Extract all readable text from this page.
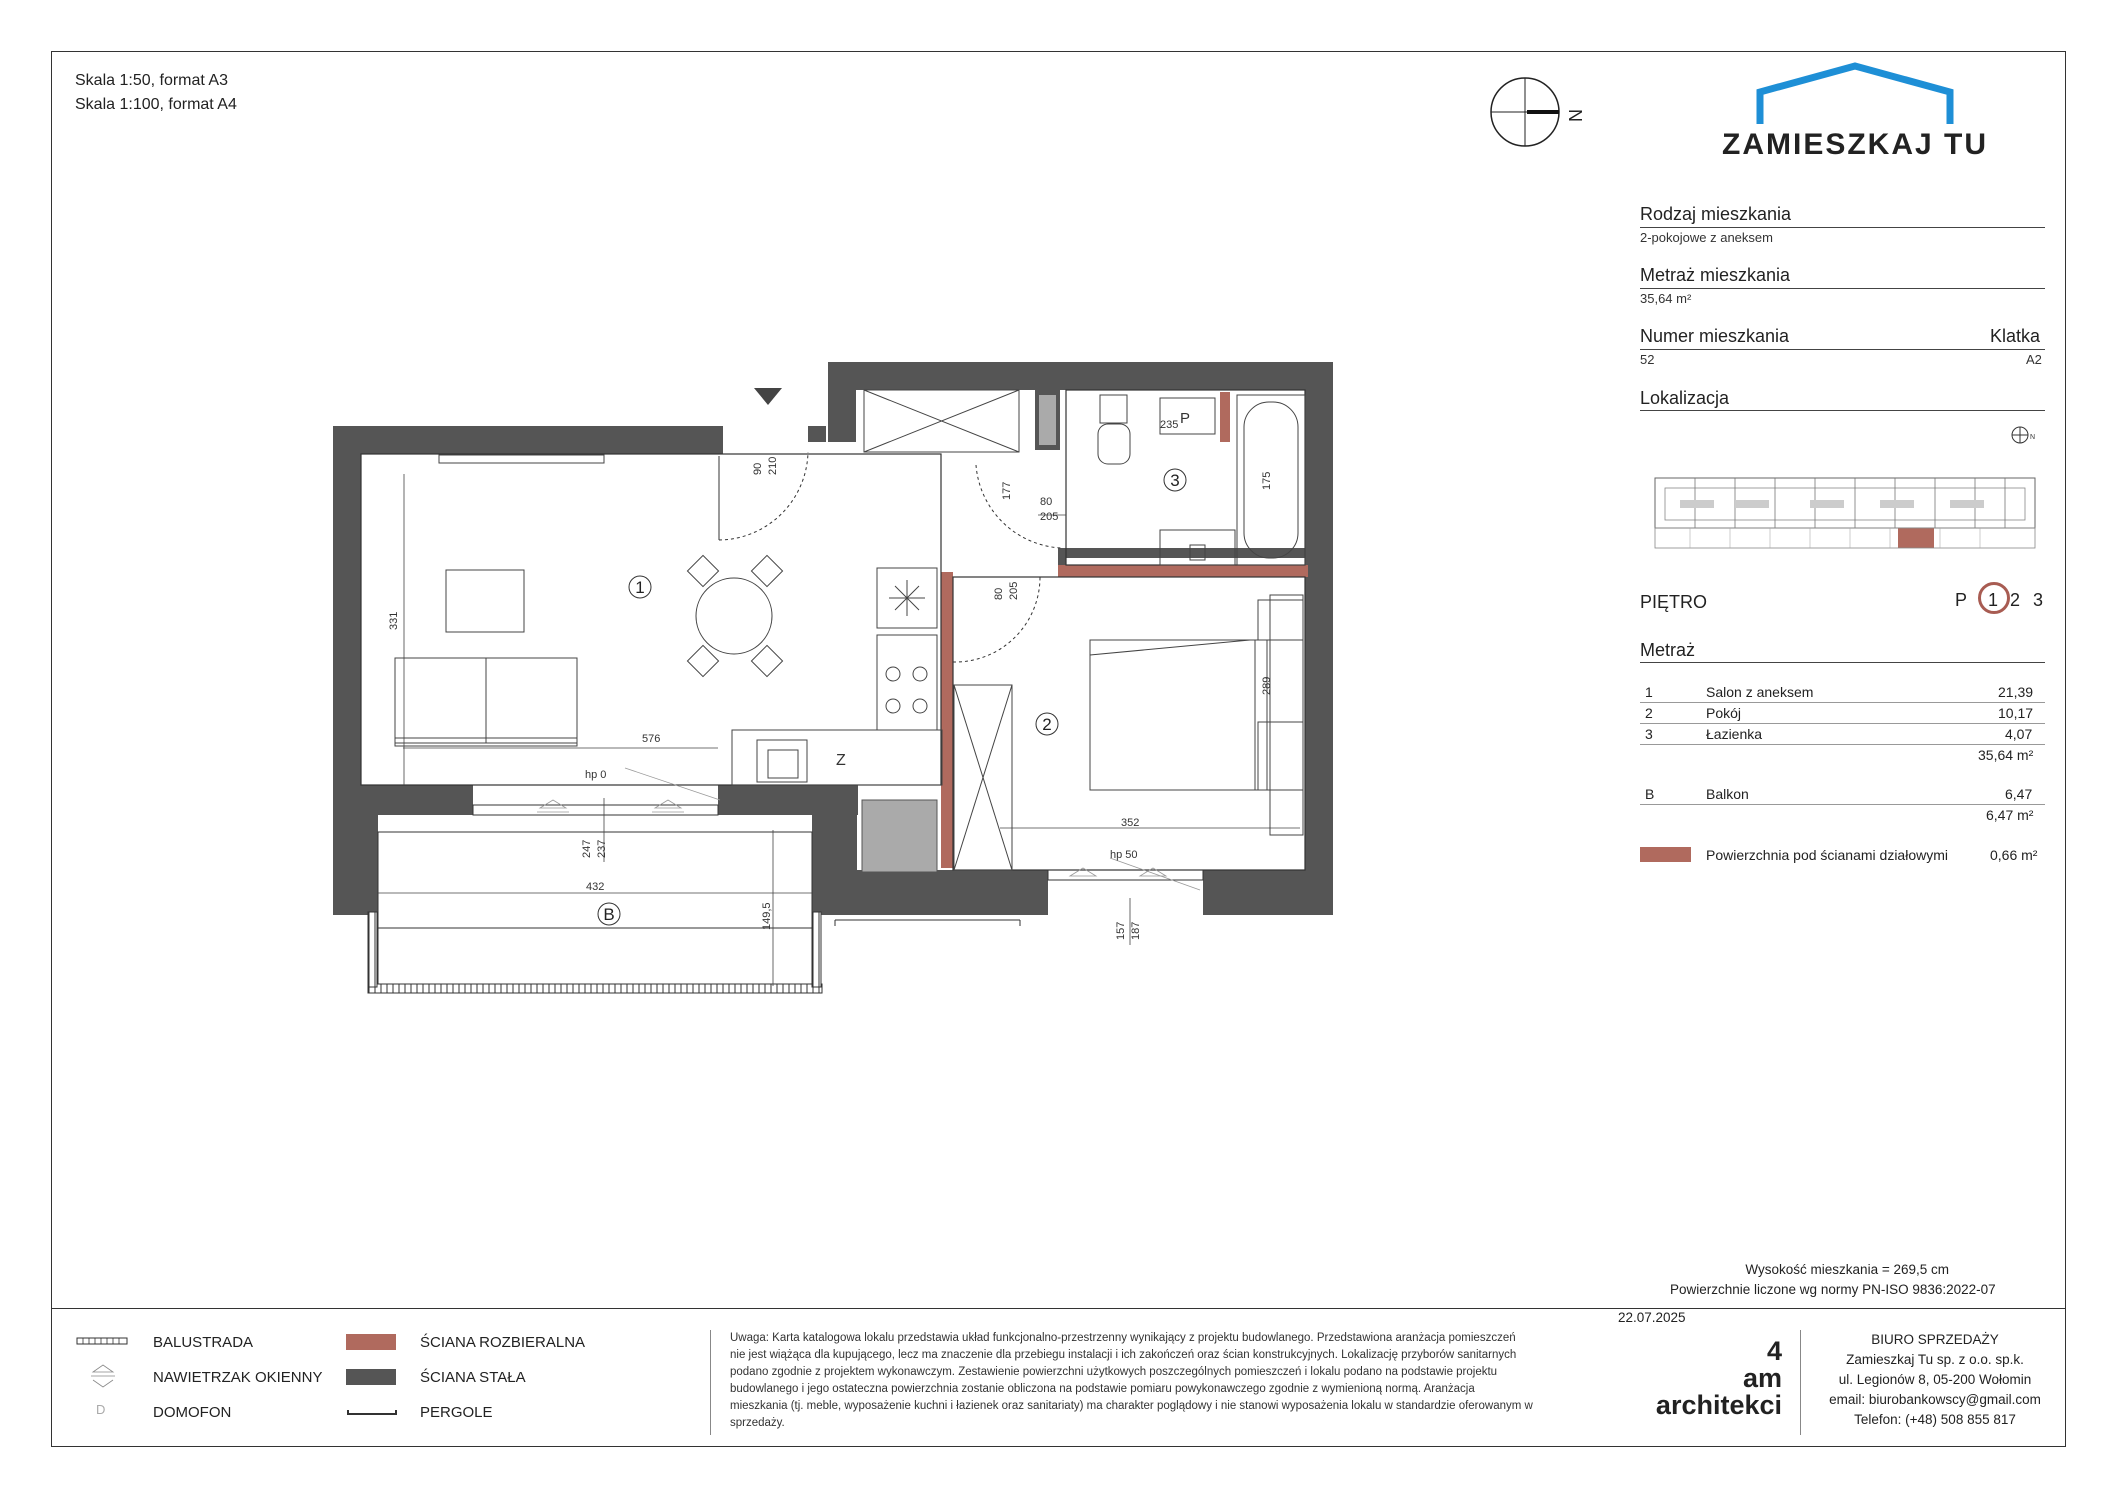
Skala 1:50, format A3
Skala 1:100, format A4
N
ZAMIESZKAJ TU
Rodzaj mieszkania
2-pokojowe z aneksem
Metraż mieszkania
35,64 m²
Numer mieszkania	Klatka
52	A2
Lokalizacja
N
PIĘTRO	P 1 2 3
Metraż
1	Salon z aneksem	21,39
2	Pokój	10,17
3	Łazienka	4,07
35,64 m²
B	Balkon	6,47
6,47 m²
Powierzchnia pod ścianami działowymi	0,66 m²
Wysokość mieszkania = 269,5 cm
Powierzchnie liczone wg normy PN-ISO 9836:2022-07
22.07.2025
BALUSTRADA
NAWIETRZAK OKIENNY
D	DOMOFON
ŚCIANA ROZBIERALNA
ŚCIANA STAŁA
PERGOLE
Uwaga: Karta katalogowa lokalu przedstawia układ funkcjonalno-przestrzenny wynikający z projektu budowlanego. Przedstawiona aranżacja pomieszczeń
nie jest wiążąca dla kupującego, lecz ma znaczenie dla przebiegu instalacji i ich zakończeń oraz ścian konstrukcyjnych. Lokalizację przyborów sanitarnych
podano zgodnie z projektem wykonawczym. Zestawienie powierzchni użytkowych poszczególnych pomieszczeń i lokalu podano na podstawie projektu
budowlanego i jego ostateczna powierzchnia zostanie obliczona na podstawie pomiaru powykonawczego zgodnie z wymienioną normą. Aranżacja
mieszkania (tj. meble, wyposażenie kuchni i łazienek oraz sanitariaty) ma charakter poglądowy i nie stanowi wyposażenia lokalu w standardzie oferowanym w
sprzedaży.
4
am
architekci
BIURO SPRZEDAŻY
Zamieszkaj Tu sp. z o.o. sp.k.
ul. Legionów 8, 05-200 Wołomin
email: biurobankowscy@gmail.com
Telefon: (+48) 508 855 817
1
2
3
B
331
576
90 210
177
80
205
80 205
235 P
175
289
352
432
149,5
247 237
157 187
hp 0
hp 50
Z
